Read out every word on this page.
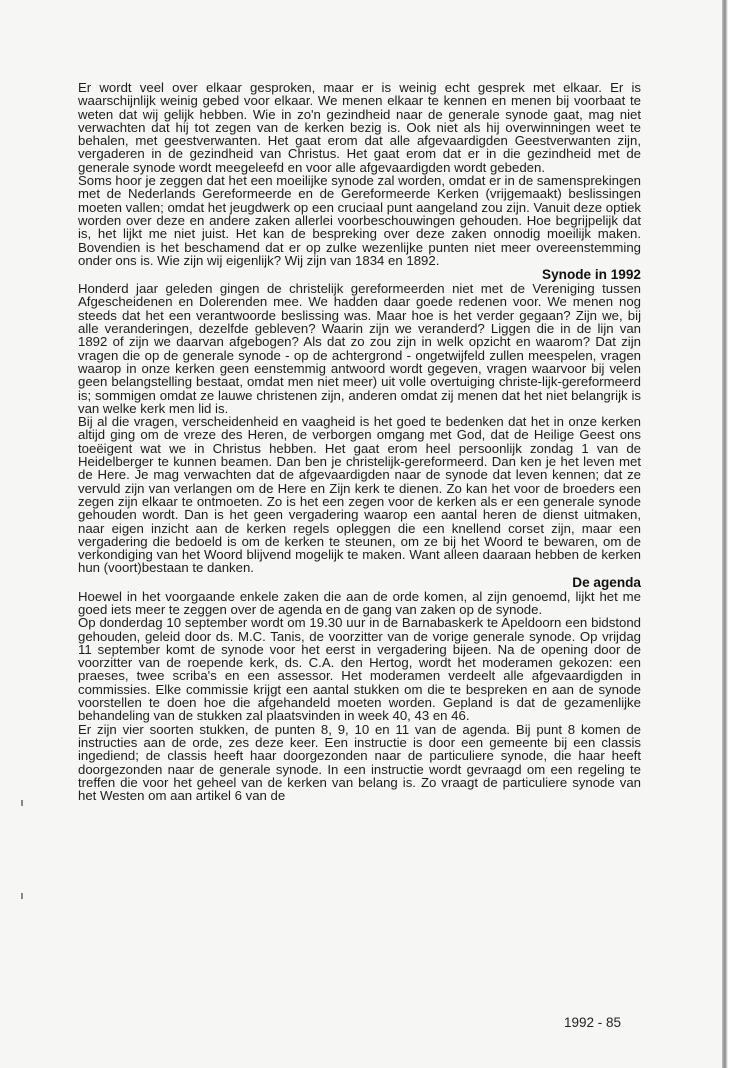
Er wordt veel over elkaar gesproken, maar er is weinig echt gesprek met elkaar. Er is waarschijnlijk weinig gebed voor elkaar. We menen elkaar te kennen en menen bij voorbaat te weten dat wij gelijk hebben. Wie in zo'n gezindheid naar de generale synode gaat, mag niet verwachten dat hij tot zegen van de kerken bezig is. Ook niet als hij overwinningen weet te behalen, met geestverwanten. Het gaat erom dat alle afgevaardigden Geestverwanten zijn, vergaderen in de gezindheid van Christus. Het gaat erom dat er in die gezindheid met de generale synode wordt meegeleefd en voor alle afgevaardigden wordt gebeden.

Soms hoor je zeggen dat het een moeilijke synode zal worden, omdat er in de samensprekingen met de Nederlands Gereformeerde en de Gereformeerde Kerken (vrijgemaakt) beslissingen moeten vallen; omdat het jeugdwerk op een cruciaal punt aangeland zou zijn. Vanuit deze optiek worden over deze en andere zaken allerlei voorbeschouwingen gehouden. Hoe begrijpelijk dat is, het lijkt me niet juist. Het kan de bespreking over deze zaken onnodig moeilijk maken. Bovendien is het beschamend dat er op zulke wezenlijke punten niet meer overeenstemming onder ons is. Wie zijn wij eigenlijk? Wij zijn van 1834 en 1892.

Synode in 1992

Honderd jaar geleden gingen de christelijk gereformeerden niet met de Vereniging tussen Afgescheidenen en Dolerenden mee. We hadden daar goede redenen voor. We menen nog steeds dat het een verantwoorde beslissing was. Maar hoe is het verder gegaan? Zijn we, bij alle veranderingen, dezelfde gebleven? Waarin zijn we veranderd? Liggen die in de lijn van 1892 of zijn we daarvan afgebogen? Als dat zo zou zijn in welk opzicht en waarom? Dat zijn vragen die op de generale synode - op de achtergrond - ongetwijfeld zullen meespelen, vragen waarop in onze kerken geen eenstemmig antwoord wordt gegeven, vragen waarvoor bij velen geen belangstelling bestaat, omdat men niet meer) uit volle overtuiging christe-lijk-gereformeerd is; sommigen omdat ze lauwe christenen zijn, anderen omdat zij menen dat het niet belangrijk is van welke kerk men lid is.

Bij al die vragen, verscheidenheid en vaagheid is het goed te bedenken dat het in onze kerken altijd ging om de vreze des Heren, de verborgen omgang met God, dat de Heilige Geest ons toeëigent wat we in Christus hebben. Het gaat erom heel persoonlijk zondag 1 van de Heidelberger te kunnen beamen. Dan ben je christelijk-gereformeerd. Dan ken je het leven met de Here. Je mag verwachten dat de afgevaardigden naar de synode dat leven kennen; dat ze vervuld zijn van verlangen om de Here en Zijn kerk te dienen. Zo kan het voor de broeders een zegen zijn elkaar te ontmoeten. Zo is het een zegen voor de kerken als er een generale synode gehouden wordt. Dan is het geen vergadering waarop een aantal heren de dienst uitmaken, naar eigen inzicht aan de kerken regels opleggen die een knellend corset zijn, maar een vergadering die bedoeld is om de kerken te steunen, om ze bij het Woord te bewaren, om de verkondiging van het Woord blijvend mogelijk te maken. Want alleen daaraan hebben de kerken hun (voort)bestaan te danken.

De agenda

Hoewel in het voorgaande enkele zaken die aan de orde komen, al zijn genoemd, lijkt het me goed iets meer te zeggen over de agenda en de gang van zaken op de synode.

Op donderdag 10 september wordt om 19.30 uur in de Barnabaskerk te Apeldoorn een bidstond gehouden, geleid door ds. M.C. Tanis, de voorzitter van de vorige generale synode. Op vrijdag 11 september komt de synode voor het eerst in vergadering bijeen. Na de opening door de voorzitter van de roepende kerk, ds. C.A. den Hertog, wordt het moderamen gekozen: een praeses, twee scriba's en een assessor. Het moderamen verdeelt alle afgevaardigden in commissies. Elke commissie krijgt een aantal stukken om die te bespreken en aan de synode voorstellen te doen hoe die afgehandeld moeten worden. Gepland is dat de gezamenlijke behandeling van de stukken zal plaatsvinden in week 40, 43 en 46.

Er zijn vier soorten stukken, de punten 8, 9, 10 en 11 van de agenda. Bij punt 8 komen de instructies aan de orde, zes deze keer. Een instructie is door een gemeente bij een classis ingediend; de classis heeft haar doorgezonden naar de particuliere synode, die haar heeft doorgezonden naar de generale synode. In een instructie wordt gevraagd om een regeling te treffen die voor het geheel van de kerken van belang is. Zo vraagt de particuliere synode van het Westen om aan artikel 6 van de

1992 - 85
